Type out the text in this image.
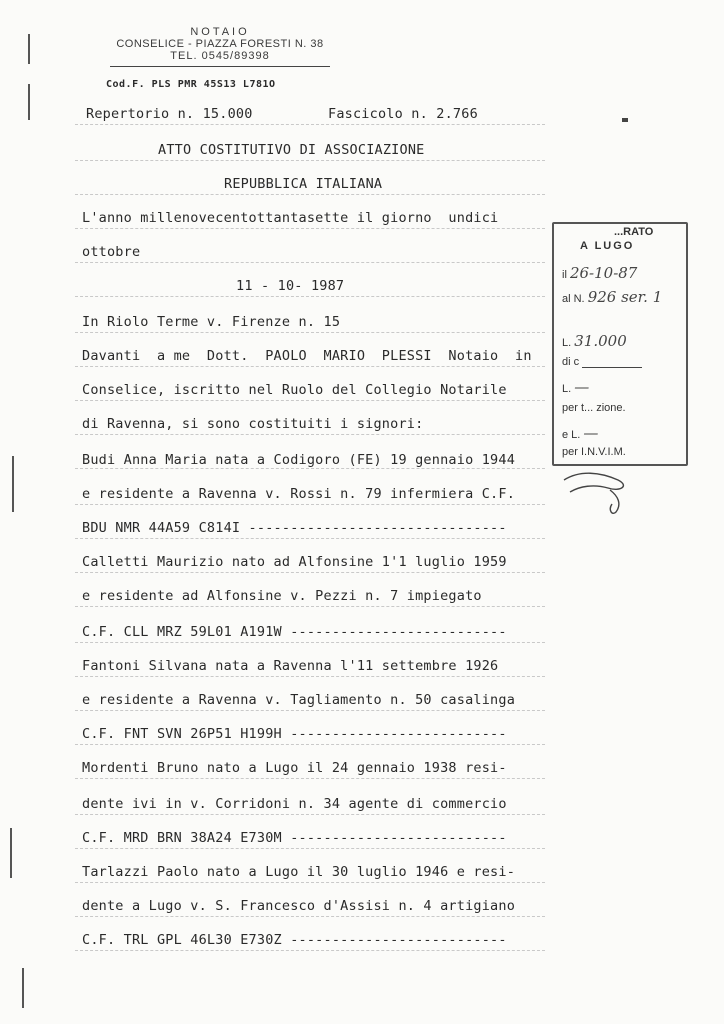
NOTAIO
CONSELICE - PIAZZA FORESTI N. 38
TEL. 0545/89398
Cod.F. PLS PMR 45S13 L781O
Repertorio n. 15.000	Fascicolo n. 2.766
ATTO COSTITUTIVO DI ASSOCIAZIONE
REPUBBLICA ITALIANA
L'anno millenovecentottantasette il giorno  undici
ottobre
11 - 10- 1987
In Riolo Terme v. Firenze n. 15
Davanti  a me  Dott.  PAOLO  MARIO  PLESSI  Notaio  in
Conselice, iscritto nel Ruolo del Collegio Notarile
di Ravenna, si sono costituiti i signori:
Budi Anna Maria nata a Codigoro (FE) 19 gennaio 1944
e residente a Ravenna v. Rossi n. 79 infermiera C.F.
BDU NMR 44A59 C814I -------------------------------
Calletti Maurizio nato ad Alfonsine 1'1 luglio 1959
e residente ad Alfonsine v. Pezzi n. 7 impiegato
C.F. CLL MRZ 59L01 A191W --------------------------
Fantoni Silvana nata a Ravenna l'11 settembre 1926
e residente a Ravenna v. Tagliamento n. 50 casalinga
C.F. FNT SVN 26P51 H199H --------------------------
Mordenti Bruno nato a Lugo il 24 gennaio 1938 resi-
dente ivi in v. Corridoni n. 34 agente di commercio
C.F. MRD BRN 38A24 E730M --------------------------
Tarlazzi Paolo nato a Lugo il 30 luglio 1946 e resi-
dente a Lugo v. S. Francesco d'Assisi n. 4 artigiano
C.F. TRL GPL 46L30 E730Z --------------------------
...RATO
A LUGO
il 26-10-87
al N. 926 ser. 1
L. 31.000
di c
L. —
per t... zione.
e L. —
per I.N.V.I.M.
